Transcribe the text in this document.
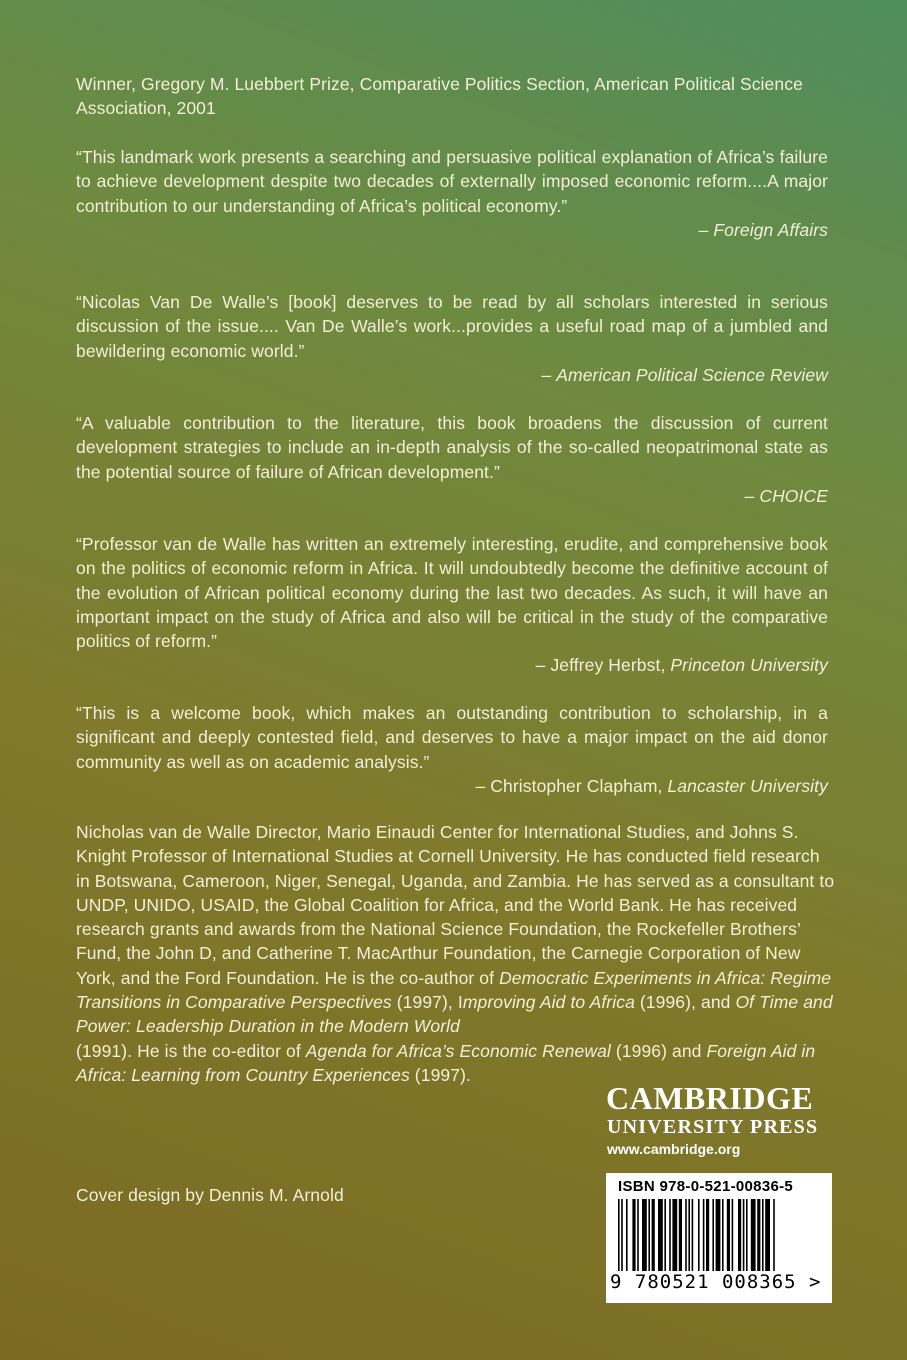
Winner, Gregory M. Luebbert Prize, Comparative Politics Section, American Political Science Association, 2001
“This landmark work presents a searching and persuasive political explanation of Africa’s failure to achieve development despite two decades of externally imposed economic reform....A major contribution to our understanding of Africa’s political economy.”
– Foreign Affairs
“Nicolas Van De Walle’s [book] deserves to be read by all scholars interested in serious discussion of the issue.... Van De Walle’s work...provides a useful road map of a jumbled and bewildering economic world.”
– American Political Science Review
“A valuable contribution to the literature, this book broadens the discussion of current development strategies to include an in-depth analysis of the so-called neopatrimonal state as the potential source of failure of African development.”
– CHOICE
“Professor van de Walle has written an extremely interesting, erudite, and comprehensive book on the politics of economic reform in Africa. It will undoubtedly become the definitive account of the evolution of African political economy during the last two decades. As such, it will have an important impact on the study of Africa and also will be critical in the study of the comparative politics of reform.”
– Jeffrey Herbst, Princeton University
“This is a welcome book, which makes an outstanding contribution to scholarship, in a significant and deeply contested field, and deserves to have a major impact on the aid donor community as well as on academic analysis.”
– Christopher Clapham, Lancaster University
Nicholas van de Walle Director, Mario Einaudi Center for International Studies, and Johns S. Knight Professor of International Studies at Cornell University. He has conducted field research in Botswana, Cameroon, Niger, Senegal, Uganda, and Zambia. He has served as a consultant to UNDP, UNIDO, USAID, the Global Coalition for Africa, and the World Bank. He has received research grants and awards from the National Science Foundation, the Rockefeller Brothers’ Fund, the John D, and Catherine T. MacArthur Foundation, the Carnegie Corporation of New York, and the Ford Foundation. He is the co-author of Democratic Experiments in Africa: Regime Transitions in Comparative Perspectives (1997), Improving Aid to Africa (1996), and Of Time and Power: Leadership Duration in the Modern World
(1991). He is the co-editor of Agenda for Africa’s Economic Renewal (1996) and Foreign Aid in Africa: Learning from Country Experiences (1997).
Cover design by Dennis M. Arnold
CAMBRIDGE
UNIVERSITY PRESS
www.cambridge.org
ISBN 978-0-521-00836-5
9 780521 008365 >
